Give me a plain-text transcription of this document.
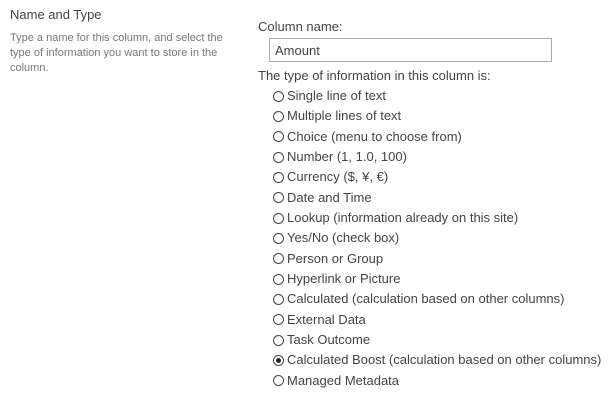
Name and Type

Type a name for this column, and select the type of information you want to store in the column.

Column name:
Amount
The type of information in this column is:
Single line of text
Multiple lines of text
Choice (menu to choose from)
Number (1, 1.0, 100)
Currency ($, ¥, €)
Date and Time
Lookup (information already on this site)
Yes/No (check box)
Person or Group
Hyperlink or Picture
Calculated (calculation based on other columns)
External Data
Task Outcome
Calculated Boost (calculation based on other columns)
Managed Metadata
